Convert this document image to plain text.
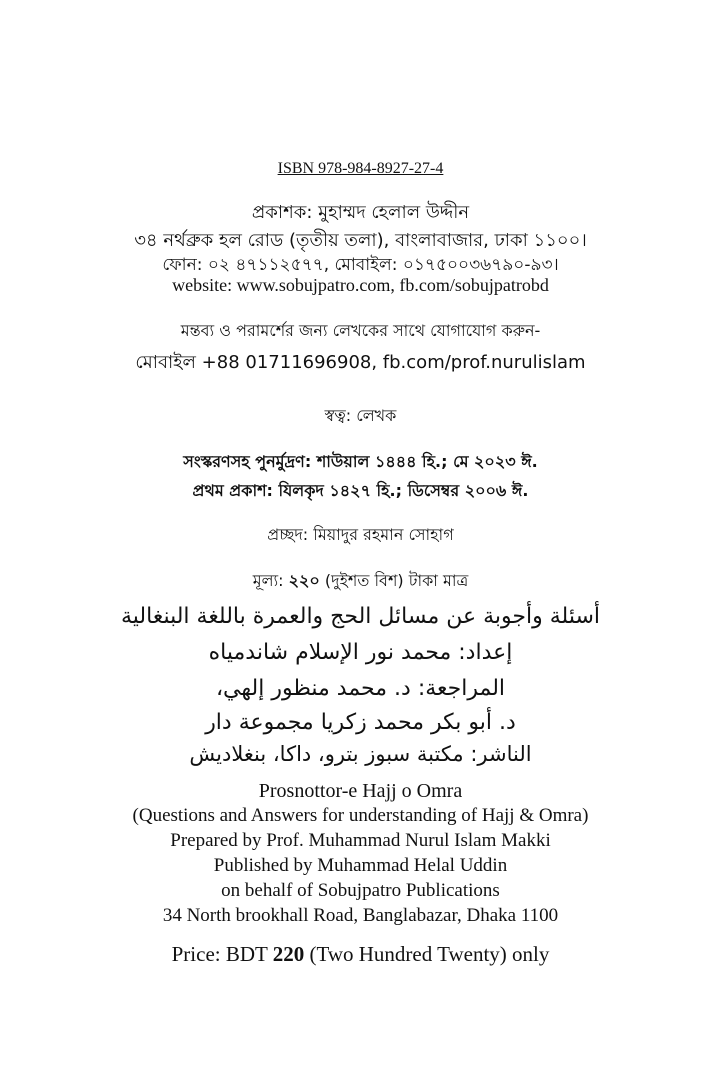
ISBN 978-984-8927-27-4
প্রকাশক: মুহাম্মদ হেলাল উদ্দীন
৩৪ নর্থব্রুক হল রোড (তৃতীয় তলা), বাংলাবাজার, ঢাকা ১১০০।
ফোন: ০২ ৪৭১১২৫৭৭, মোবাইল: ০১৭৫০০৩৬৭৯০-৯৩।
website: www.sobujpatro.com, fb.com/sobujpatrobd
মন্তব্য ও পরামর্শের জন্য লেখকের সাথে যোগাযোগ করুন-
মোবাইল +88 01711696908, fb.com/prof.nurulislam
স্বত্ব: লেখক
সংস্করণসহ পুনর্মুদ্রণ: শাউয়াল ১৪৪৪ হি.; মে ২০২৩ ঈ.
প্রথম প্রকাশ: যিলকৃদ ১৪২৭ হি.; ডিসেম্বর ২০০৬ ঈ.
প্রচ্ছদ: মিয়াদুর রহমান সোহাগ
মূল্য: ২২০ (দুইশত বিশ) টাকা মাত্র
أسئلة وأجوبة عن مسائل الحج والعمرة باللغة البنغالية
إعداد: محمد نور الإسلام شاندمياه
المراجعة: د. محمد منظور إلهي،
د. أبو بكر محمد زكريا مجموعة دار
الناشر: مكتبة سبوز بترو، داكا، بنغلاديش
Prosnottor-e Hajj o Omra
(Questions and Answers for understanding of Hajj & Omra)
Prepared by Prof. Muhammad Nurul Islam Makki
Published by Muhammad Helal Uddin
on behalf of Sobujpatro Publications
34 North brookhall Road, Banglabazar, Dhaka 1100
Price: BDT 220 (Two Hundred Twenty) only
